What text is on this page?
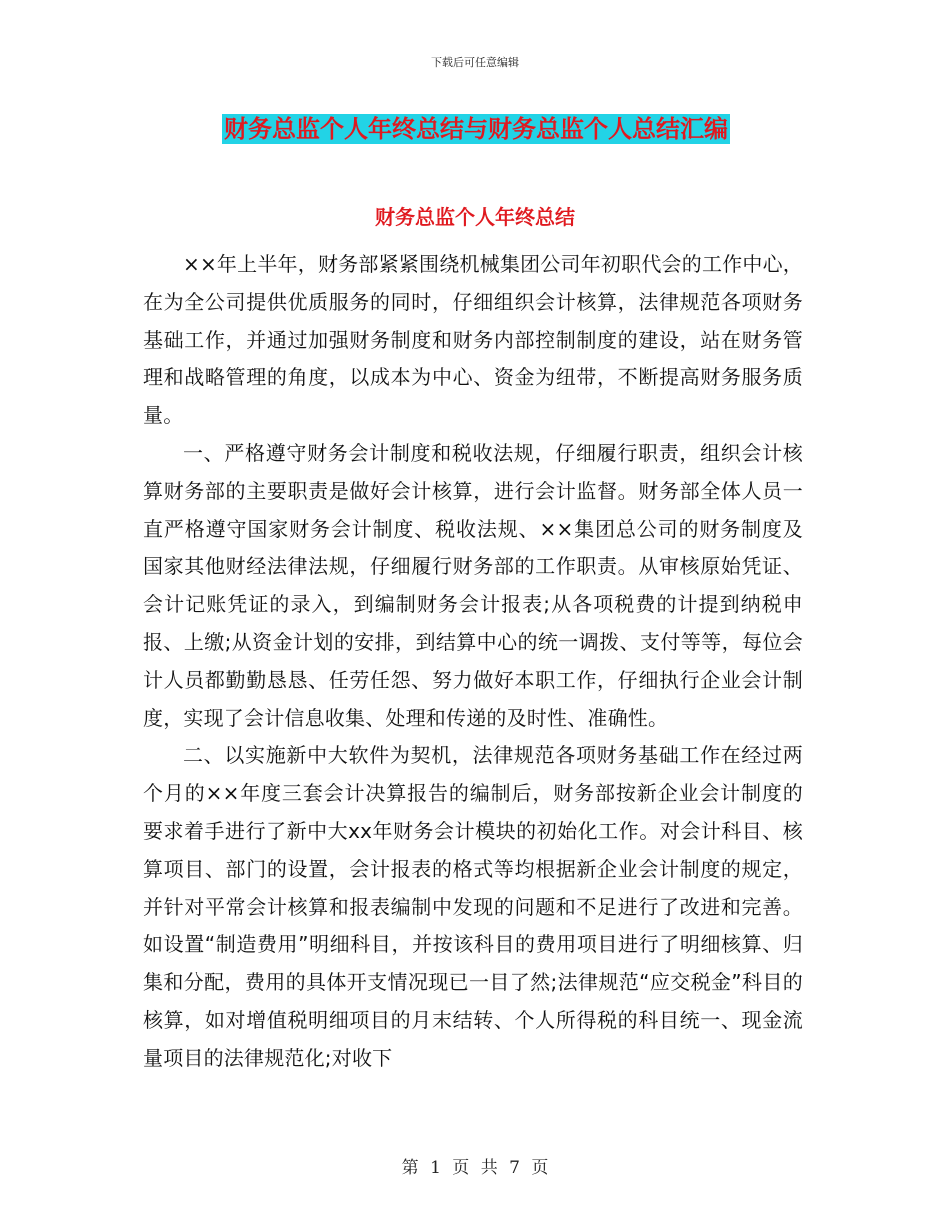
下载后可任意编辑
财务总监个人年终总结与财务总监个人总结汇编
财务总监个人年终总结

××年上半年，财务部紧紧围绕机械集团公司年初职代会的工作中心，在为全公司提供优质服务的同时，仔细组织会计核算，法律规范各项财务基础工作，并通过加强财务制度和财务内部控制制度的建设，站在财务管理和战略管理的角度，以成本为中心、资金为纽带，不断提高财务服务质量。

一、严格遵守财务会计制度和税收法规，仔细履行职责，组织会计核算财务部的主要职责是做好会计核算，进行会计监督。财务部全体人员一直严格遵守国家财务会计制度、税收法规、××集团总公司的财务制度及国家其他财经法律法规，仔细履行财务部的工作职责。从审核原始凭证、会计记账凭证的录入，到编制财务会计报表;从各项税费的计提到纳税申报、上缴;从资金计划的安排，到结算中心的统一调拨、支付等等，每位会计人员都勤勤恳恳、任劳任怨、努力做好本职工作，仔细执行企业会计制度，实现了会计信息收集、处理和传递的及时性、准确性。

二、以实施新中大软件为契机，法律规范各项财务基础工作在经过两个月的××年度三套会计决算报告的编制后，财务部按新企业会计制度的要求着手进行了新中大xx年财务会计模块的初始化工作。对会计科目、核算项目、部门的设置，会计报表的格式等均根据新企业会计制度的规定，并针对平常会计核算和报表编制中发现的问题和不足进行了改进和完善。如设置“制造费用”明细科目，并按该科目的费用项目进行了明细核算、归集和分配，费用的具体开支情况现已一目了然;法律规范“应交税金”科目的核算，如对增值税明细项目的月末结转、个人所得税的科目统一、现金流量项目的法律规范化;对收下

第 1 页 共 7 页
